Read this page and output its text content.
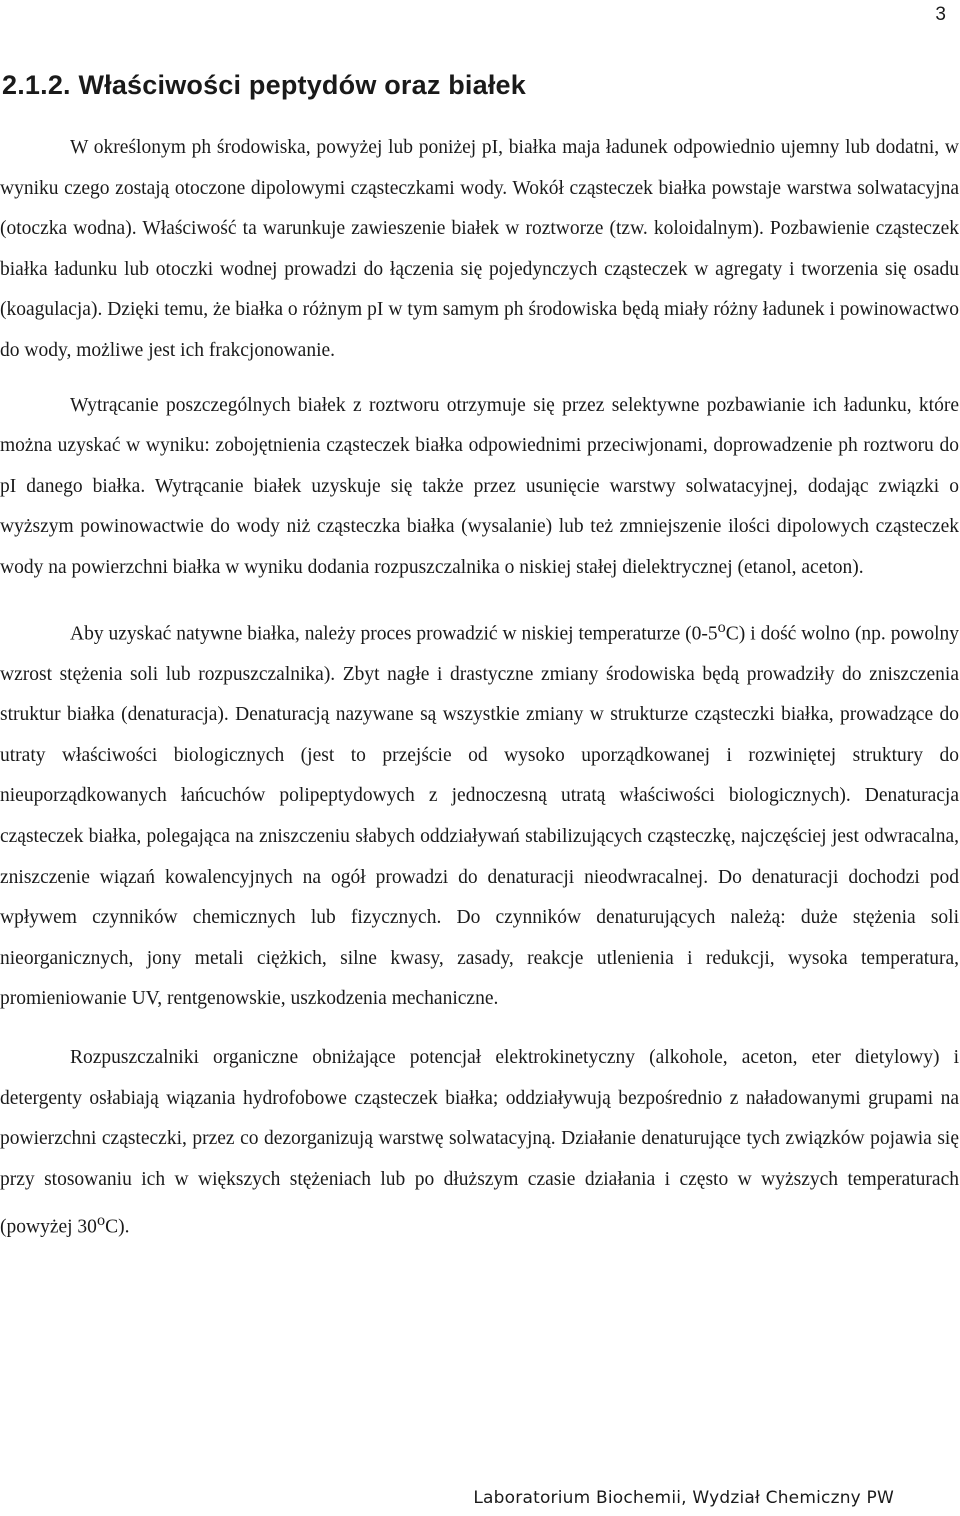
3
2.1.2. Właściwości peptydów oraz białek

W określonym ph środowiska, powyżej lub poniżej pI, białka maja ładunek odpowiednio ujemny lub dodatni, w wyniku czego zostają otoczone dipolowymi cząsteczkami wody. Wokół cząsteczek białka powstaje warstwa solwatacyjna (otoczka wodna). Właściwość ta warunkuje zawieszenie białek w roztworze (tzw. koloidalnym). Pozbawienie cząsteczek białka ładunku lub otoczki wodnej prowadzi do łączenia się pojedynczych cząsteczek w agregaty i tworzenia się osadu (koagulacja). Dzięki temu, że białka o różnym pI w tym samym ph środowiska będą miały różny ładunek i powinowactwo do wody, możliwe jest ich frakcjonowanie.

Wytrącanie poszczególnych białek z roztworu otrzymuje się przez selektywne pozbawianie ich ładunku, które można uzyskać w wyniku: zobojętnienia cząsteczek białka odpowiednimi przeciwjonami, doprowadzenie ph roztworu do pI danego białka. Wytrącanie białek uzyskuje się także przez usunięcie warstwy solwatacyjnej, dodając związki o wyższym powinowactwie do wody niż cząsteczka białka (wysalanie) lub też zmniejszenie ilości dipolowych cząsteczek wody na powierzchni białka w wyniku dodania rozpuszczalnika o niskiej stałej dielektrycznej (etanol, aceton).

Aby uzyskać natywne białka, należy proces prowadzić w niskiej temperaturze (0-5$^o$C) i dość wolno (np. powolny wzrost stężenia soli lub rozpuszczalnika). Zbyt nagłe i drastyczne zmiany środowiska będą prowadziły do zniszczenia struktur białka (denaturacja). Denaturacją nazywane są wszystkie zmiany w strukturze cząsteczki białka, prowadzące do utraty właściwości biologicznych (jest to przejście od wysoko uporządkowanej i rozwiniętej struktury do nieuporządkowanych łańcuchów polipeptydowych z jednoczesną utratą właściwości biologicznych). Denaturacja cząsteczek białka, polegająca na zniszczeniu słabych oddziaływań stabilizujących cząsteczkę, najczęściej jest odwracalna, zniszczenie wiązań kowalencyjnych na ogół prowadzi do denaturacji nieodwracalnej. Do denaturacji dochodzi pod wpływem czynników chemicznych lub fizycznych. Do czynników denaturujących należą: duże stężenia soli nieorganicznych, jony metali ciężkich, silne kwasy, zasady, reakcje utlenienia i redukcji, wysoka temperatura, promieniowanie UV, rentgenowskie, uszkodzenia mechaniczne.

Rozpuszczalniki organiczne obniżające potencjał elektrokinetyczny (alkohole, aceton, eter dietylowy) i detergenty osłabiają wiązania hydrofobowe cząsteczek białka; oddziaływują bezpośrednio z naładowanymi grupami na powierzchni cząsteczki, przez co dezorganizują warstwę solwatacyjną. Działanie denaturujące tych związków pojawia się przy stosowaniu ich w większych stężeniach lub po dłuższym czasie działania i często w wyższych temperaturach (powyżej 30$^o$C).

Laboratorium Biochemii, Wydział Chemiczny PW
